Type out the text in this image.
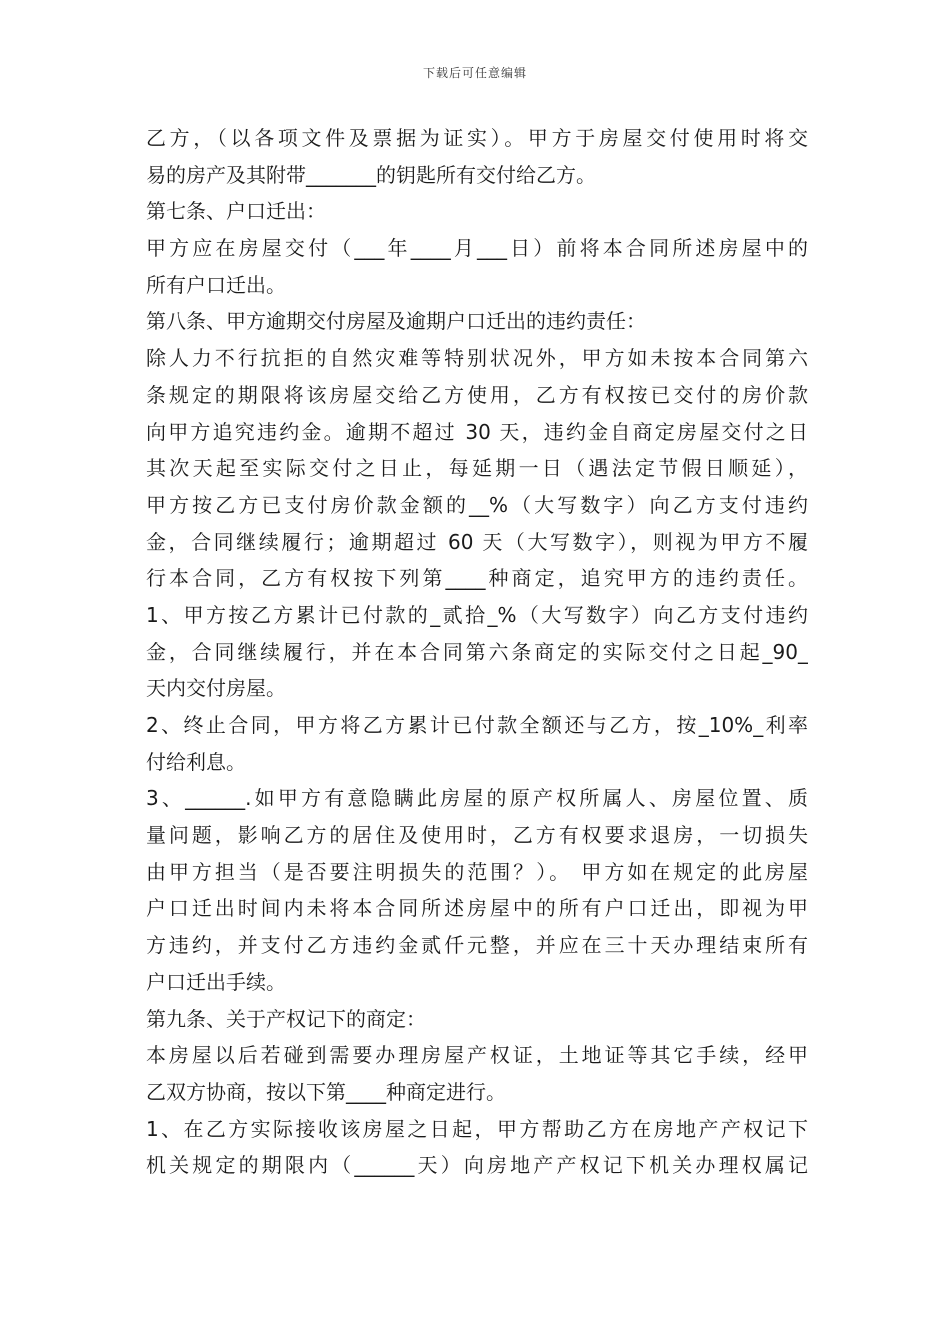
下载后可任意编辑
乙方，（以各项文件及票据为证实）。甲方于房屋交付使用时将交
易的房产及其附带_______的钥匙所有交付给乙方。
第七条、户口迁出：
甲方应在房屋交付（___年____月___日）前将本合同所述房屋中的
所有户口迁出。
第八条、甲方逾期交付房屋及逾期户口迁出的违约责任：
除人力不行抗拒的自然灾难等特别状况外，甲方如未按本合同第六
条规定的期限将该房屋交给乙方使用，乙方有权按已交付的房价款
向甲方追究违约金。逾期不超过 30 天，违约金自商定房屋交付之日
其次天起至实际交付之日止，每延期一日（遇法定节假日顺延），
甲方按乙方已支付房价款金额的__%（大写数字）向乙方支付违约
金，合同继续履行；逾期超过 60 天（大写数字），则视为甲方不履
行本合同，乙方有权按下列第____种商定，追究甲方的违约责任。
1、甲方按乙方累计已付款的_贰拾_%（大写数字）向乙方支付违约
金，合同继续履行，并在本合同第六条商定的实际交付之日起_90_
天内交付房屋。
2、终止合同，甲方将乙方累计已付款全额还与乙方，按_10%_利率
付给利息。
3、______.如甲方有意隐瞒此房屋的原产权所属人、房屋位置、质
量问题，影响乙方的居住及使用时，乙方有权要求退房，一切损失
由甲方担当（是否要注明损失的范围？）。 甲方如在规定的此房屋
户口迁出时间内未将本合同所述房屋中的所有户口迁出，即视为甲
方违约，并支付乙方违约金贰仟元整，并应在三十天办理结束所有
户口迁出手续。
第九条、关于产权记下的商定：
本房屋以后若碰到需要办理房屋产权证，土地证等其它手续，经甲
乙双方协商，按以下第____种商定进行。
1、在乙方实际接收该房屋之日起，甲方帮助乙方在房地产产权记下
机关规定的期限内（______天）向房地产产权记下机关办理权属记
